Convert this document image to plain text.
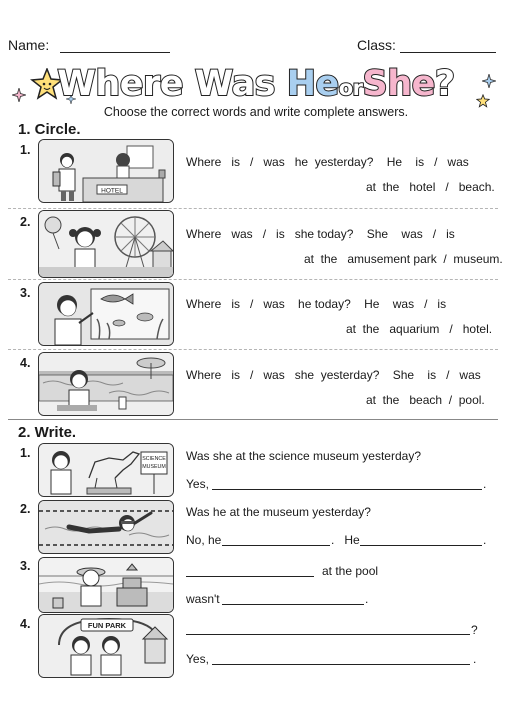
Name:	Class:
Where Was HeorShe?
Choose the correct words and write complete answers.
1. Circle.
1.
HOTEL
Where   is   /   was   he  yesterday?    He    is   /   was
at  the   hotel   /   beach.
2.
Where   was   /   is   she today?    She    was   /   is
at  the   amusement park  /  museum.
3.
Where   is   /   was    he today?    He    was   /   is
at  the   aquarium   /   hotel.
4.
Where   is   /   was   she  yesterday?    She    is   /   was
at  the   beach  /  pool.
2. Write.
1.	SCIENCE
MUSEUM
Was she at the science museum yesterday?
Yes,	.
2.	Was he at the museum yesterday?
No, he	.   He	.
3.	at the pool
wasn't	.
4.	FUN PARK	?
Yes,	.
